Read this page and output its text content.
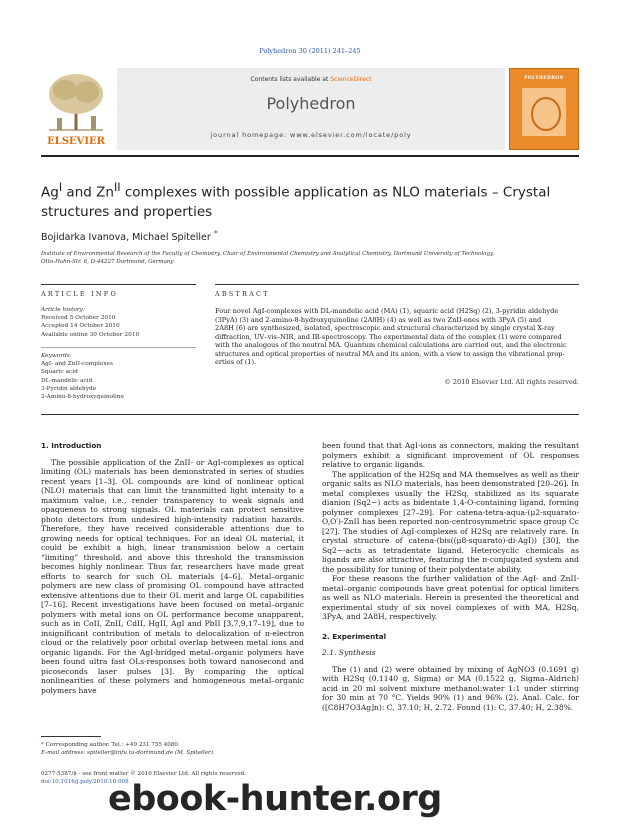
Polyhedron 30 (2011) 241–245
ELSEVIER
Contents lists available at ScienceDirect
Polyhedron
journal homepage: www.elsevier.com/locate/poly
POLYHEDRON
$Ag^I$ and $Zn^{II}$ complexes with possible application as NLO materials – Crystal
structures and properties
Bojidarka Ivanova, Michael Spiteller *
Institute of Environmental Research of the Faculty of Chemistry, Chair of Environmental Chemistry and Analytical Chemistry, Dortmund University of Technology,
Otto-Hahn-Str. 6, D-44227 Dortmund, Germany
ARTICLE INFO	ABSTRACT
Article history:
Received 5 October 2010
Accepted 14 October 2010
Available online 30 October 2010
Keywords:
AgI- and ZnII-complexes
Squaric acid
DL-mandelic acid
3-Pyridin aldehyde
2-Amino-8-hydroxyquinoline
Four novel AgI-complexes with DL-mandelic acid (MA) (1), squaric acid (H2Sq) (2), 3-pyridin aldehyde
(3PyA) (3) and 2-amino-8-hydroxyquinoline (2A8H) (4) as well as two ZnII-ones with 3PyA (5) and
2A8H (6) are synthesized, isolated, spectroscopic and structural characterized by single crystal X-ray
diffraction, UV–vis–NIR, and IR-spectroscopy. The experimental data of the complex (1) were compared
with the analogous of the neutral MA. Quantum chemical calculations are carried out, and the electronic
structures and optical properties of neutral MA and its anion, with a view to assign the vibrational prop-
erties of (1).
© 2010 Elsevier Ltd. All rights reserved.
1. Introduction

The possible application of the ZnII- or AgI-complexes as optical limiting (OL) materials has been demonstrated in series of studies recent years [1–3]. OL compounds are kind of nonlinear optical (NLO) materials that can limit the transmitted light intensity to a maximum value, i.e., render transparency to weak signals and opaqueness to strong signals. OL materials can protect sensitive photo detectors from undesired high-intensity radiation hazards. Therefore, they have received considerable attentions due to growing needs for optical techniques. For an ideal OL material, it could be exhibit a high, linear transmission below a certain “limiting” threshold, and above this threshold the transmission becomes highly nonlinear. Thus far, researchers have made great efforts to search for such OL materials [4–6]. Metal–organic polymers are new class of promising OL compound have attracted extensive attentions due to their OL merit and large OL capabilities [7–16]. Recent investigations have been focused on metal–organic polymers with metal ions on OL performance become unapparent, such as in CoII, ZnII, CdII, HgII, AgI and PbII [3,7,9,17–19], due to insignificant contribution of metals to delocalization of π-electron cloud or the relatively poor orbital overlap between metal ions and organic ligands. For the AgI-bridged metal–organic polymers have been found ultra fast OLs-responses both toward nanosecond and picoseconds laser pulses [3]. By comparing the optical nonlinearities of these polymers and homogeneous metal–organic polymers have

been found that that AgI-ions as connectors, making the resultant polymers exhibit a significant improvement of OL responses relative to organic ligands.

The application of the H2Sq and MA themselves as well as their organic salts as NLO materials, has been demonstrated [20–26]. In metal complexes usually the H2Sq, stabilized as its squarate dianion (Sq2−) acts as bidentate 1,4-O-containing ligand, forming polymer complexes [27–29]. For catena-tetra-aqua-(μ2-squarato-O,O′)-ZnII has been reported non-centrosymmetric space group Cc [27]. The studies of AgI-complexes of H2Sq are relatively rare. In crystal structure of catena-(bis((μ8-squarato)-di-AgI)) [30], the Sq2−-acts as tetradentate ligand. Heterocyclic chemicals as ligands are also attractive, featuring the π-conjugated system and the possibility for tuning of their polydentate ability.

For these reasons the further validation of the AgI- and ZnII-metal–organic compounds have great potential for optical limiters as well as NLO materials. Herein is presented the theoretical and experimental study of six novel complexes of with MA, H2Sq, 3PyA, and 2A8H, respectively.

2. Experimental
2.1. Synthesis

The (1) and (2) were obtained by mixing of AgNO3 (0.1691 g) with H2Sq (0.1140 g, Sigma) or MA (0.1522 g, Sigma–Aldrich) acid in 20 ml solvent mixture methanol:water 1:1 under stirring for 30 min at 70 °C. Yields 90% (1) and 96% (2). Anal. Calc. for ([C8H7O3Ag]n): C, 37.10; H, 2.72. Found (1): C, 37.40; H, 2.38%.

* Corresponding author. Tel.: +49 231 755 4080.
E-mail address: spiteller@infu.tu-dortmund.de (M. Spiteller).
0277-5387/$ - see front matter © 2010 Elsevier Ltd. All rights reserved.
doi:10.1016/j.poly.2010.10.008
ebook-hunter.org
